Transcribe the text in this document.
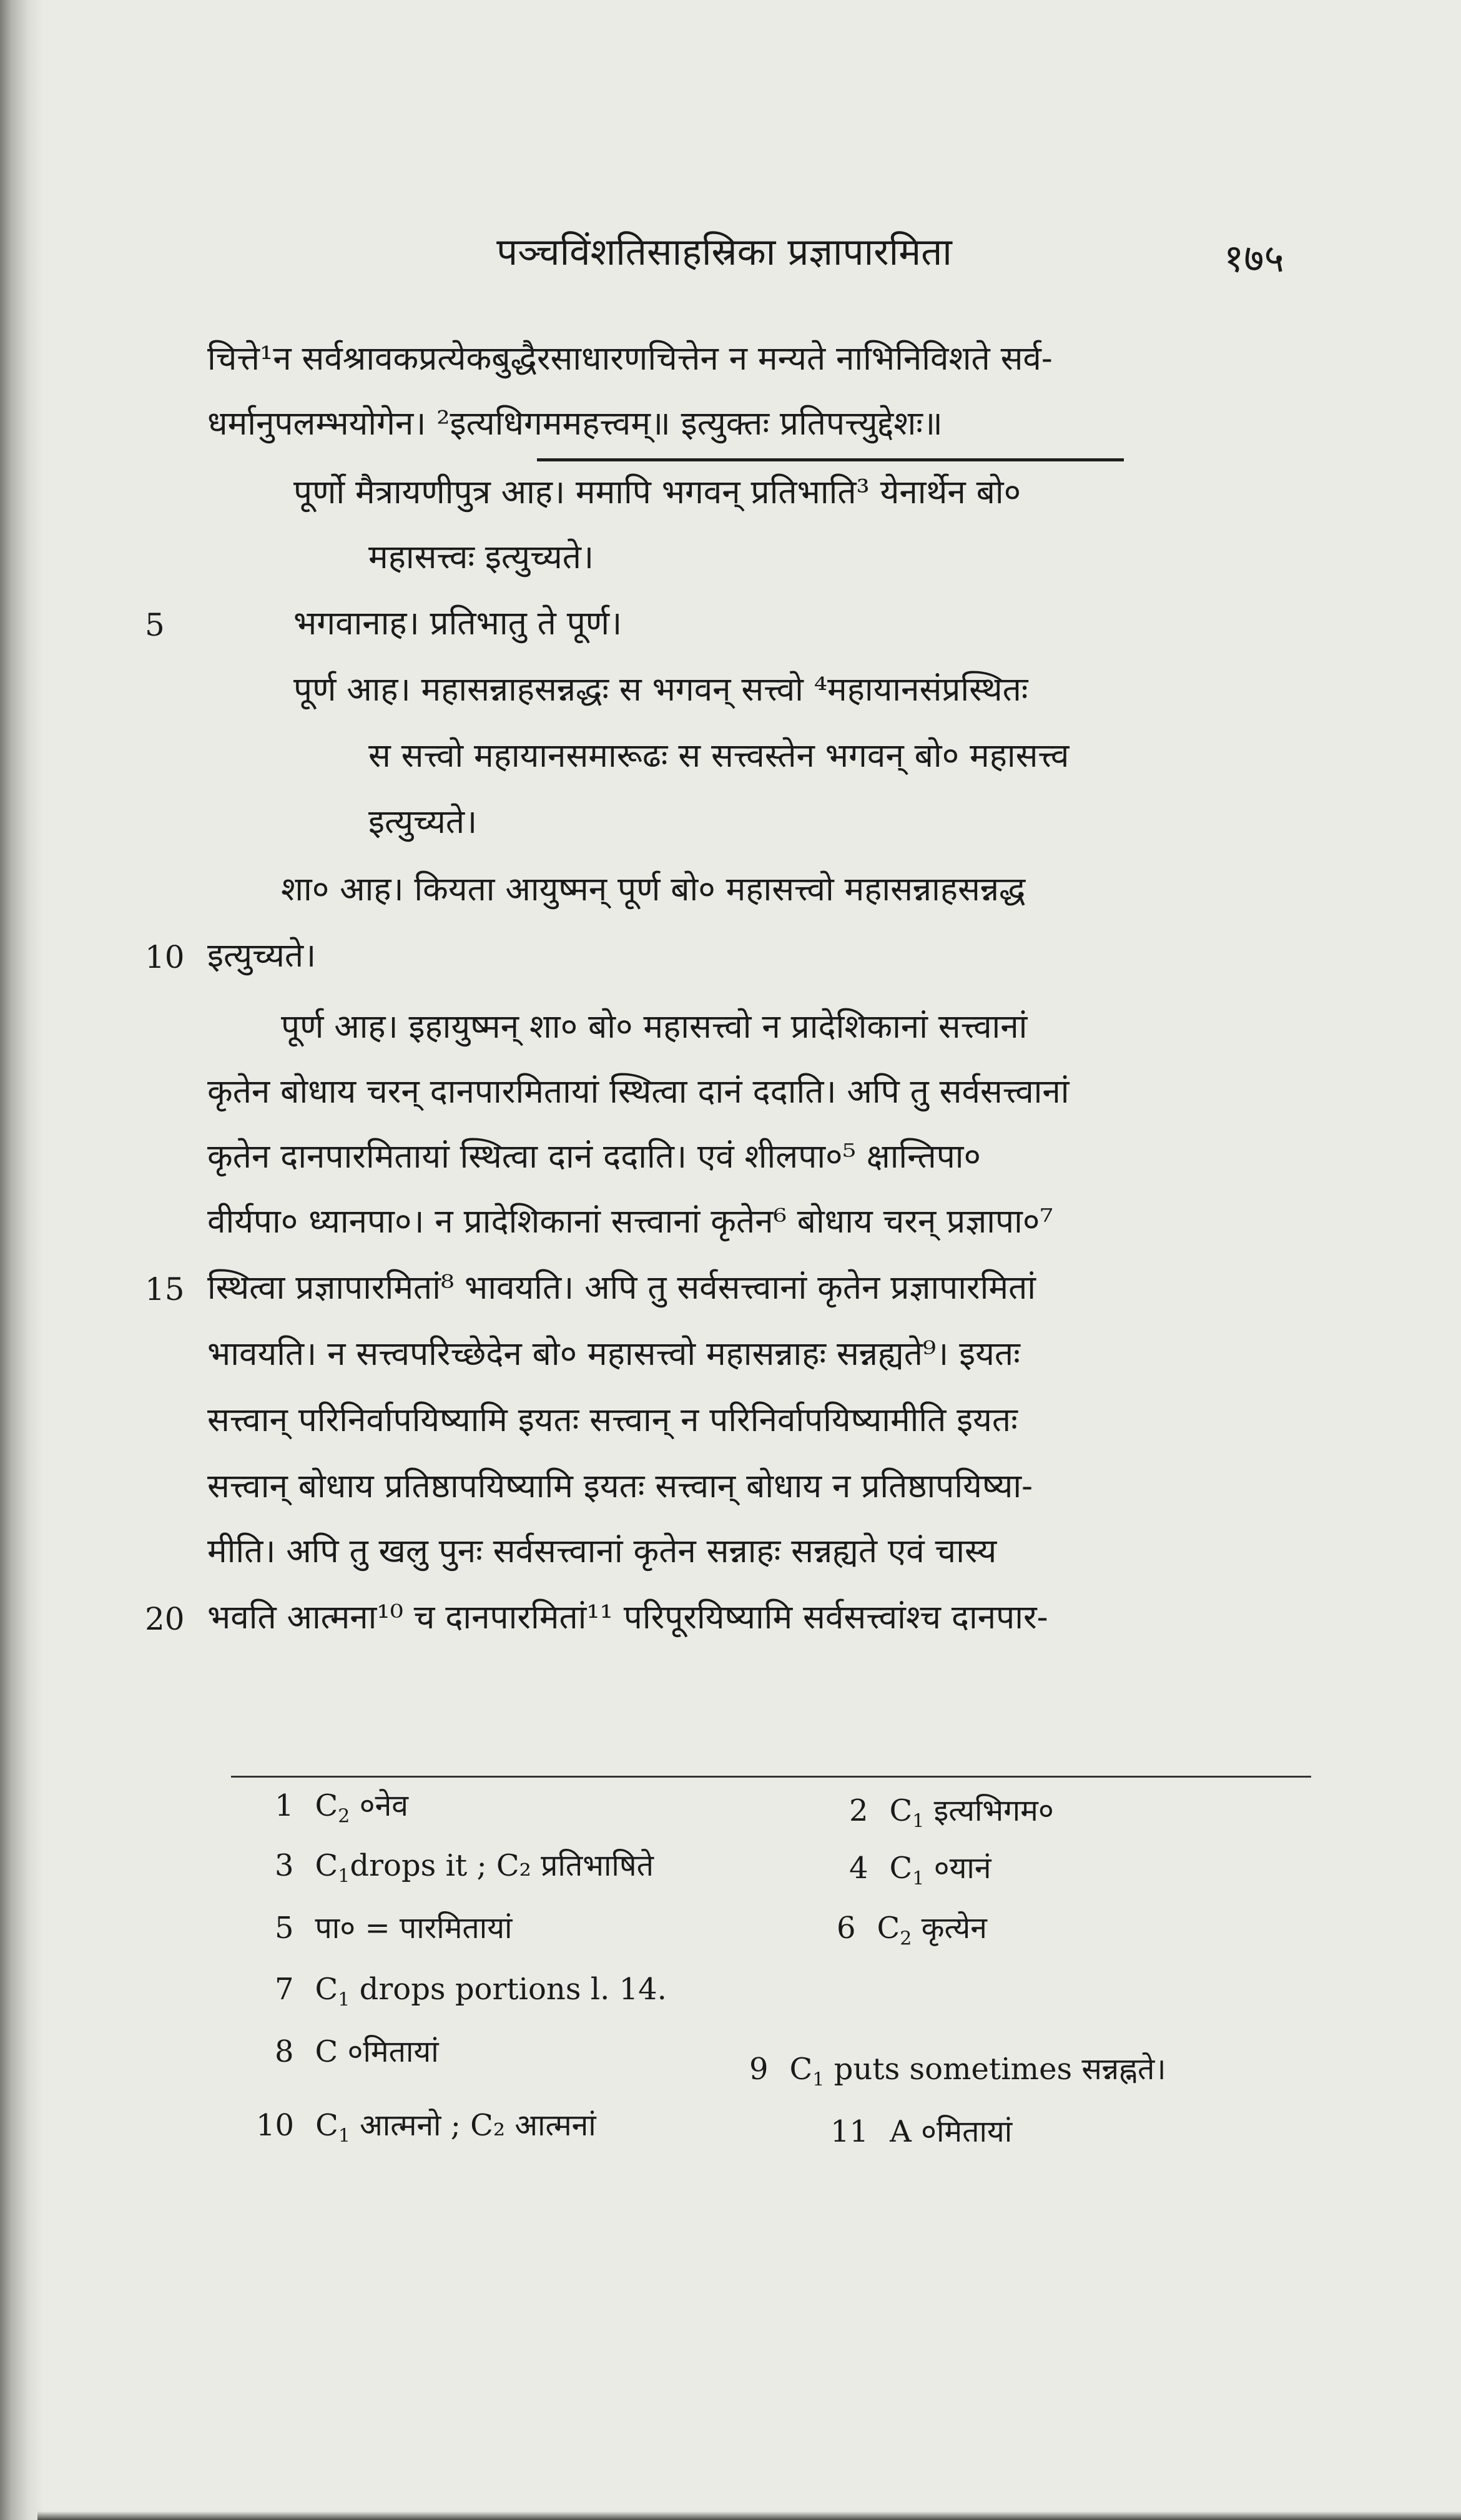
पञ्चविंशतिसाहस्रिका प्रज्ञापारमिता	१७५
चित्ते¹न सर्वश्रावकप्रत्येकबुद्धैरसाधारणचित्तेन न मन्यते नाभिनिविशते सर्व-
धर्मानुपलम्भयोगेन। ²इत्यधिगममहत्त्वम्॥ इत्युक्तः प्रतिपत्त्युद्देशः॥
पूर्णो मैत्रायणीपुत्र आह। ममापि भगवन् प्रतिभाति³ येनार्थेन बो०
महासत्त्वः इत्युच्यते।
5	भगवानाह। प्रतिभातु ते पूर्ण।
पूर्ण आह। महासन्नाहसन्नद्धः स भगवन् सत्त्वो ⁴महायानसंप्रस्थितः
स सत्त्वो महायानसमारूढः स सत्त्वस्तेन भगवन् बो० महासत्त्व
इत्युच्यते।
शा० आह। कियता आयुष्मन् पूर्ण बो० महासत्त्वो महासन्नाहसन्नद्ध
10 इत्युच्यते।
पूर्ण आह। इहायुष्मन् शा० बो० महासत्त्वो न प्रादेशिकानां सत्त्वानां
कृतेन बोधाय चरन् दानपारमितायां स्थित्वा दानं ददाति। अपि तु सर्वसत्त्वानां
कृतेन दानपारमितायां स्थित्वा दानं ददाति। एवं शीलपा०⁵ क्षान्तिपा०
वीर्यपा० ध्यानपा०। न प्रादेशिकानां सत्त्वानां कृतेन⁶ बोधाय चरन् प्रज्ञापा०⁷
15 स्थित्वा प्रज्ञापारमितां⁸ भावयति। अपि तु सर्वसत्त्वानां कृतेन प्रज्ञापारमितां
भावयति। न सत्त्वपरिच्छेदेन बो० महासत्त्वो महासन्नाहः सन्नह्यते⁹। इयतः
सत्त्वान् परिनिर्वापयिष्यामि इयतः सत्त्वान् न परिनिर्वापयिष्यामीति इयतः
सत्त्वान् बोधाय प्रतिष्ठापयिष्यामि इयतः सत्त्वान् बोधाय न प्रतिष्ठापयिष्या-
मीति। अपि तु खलु पुनः सर्वसत्त्वानां कृतेन सन्नाहः सन्नह्यते एवं चास्य
20 भवति आत्मना¹⁰ च दानपारमितां¹¹ परिपूरयिष्यामि सर्वसत्त्वांश्च दानपार-
1 $C_2$ ०नेव	2 $C_1$ इत्यभिगम०
3 $C_1drops$ it ; C₂ प्रतिभाषिते	4 $C_1$ ०यानं
5 पा० = पारमितायां	6 $C_2$ कृत्येन
7 $C_1$ drops portions l. 14.
8 C ०मितायां	9 $C_1$ puts sometimes सन्नह्नते।
10 $C_1$ आत्मनो ; C₂ आत्मनां	11 A ०मितायां
